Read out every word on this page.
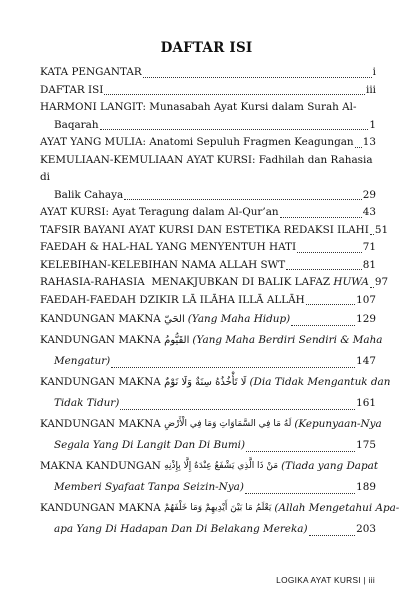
DAFTAR ISI
KATA PENGANTAR	i
DAFTAR ISI	iii
HARMONI LANGIT: Munasabah Ayat Kursi dalam Surah Al-
Baqarah	1
AYAT YANG MULIA: Anatomi Sepuluh Fragmen Keagungan 13
KEMULIAAN-KEMULIAAN AYAT KURSI: Fadhilah dan Rahasia di
Balik Cahaya	29
AYAT KURSI: Ayat Teragung dalam Al-Qur’an	43
TAFSIR BAYANI AYAT KURSI DAN ESTETIKA REDAKSI ILAHI 51
FAEDAH & HAL-HAL YANG MENYENTUH HATI	71
KELEBIHAN-KELEBIHAN NAMA ALLAH SWT	81
RAHASIA-RAHASIA  MENAKJUBKAN DI BALIK LAFAZ HUWA 97
FAEDAH-FAEDAH DZIKIR LĀ ILĀHA ILLĀ ALLĀH	107
KANDUNGAN MAKNA الحَيّ (Yang Maha Hidup)	129
KANDUNGAN MAKNA القَيُّومُ (Yang Maha Berdiri Sendiri & Maha
Mengatur)	147
KANDUNGAN MAKNA لَا تَأْخُذُهُ سِنَةٌ وَلَا نَوْمٌ (Dia Tidak Mengantuk dan
Tidak Tidur)	161
KANDUNGAN MAKNA لَهُ مَا فِي السَّمَاوَاتِ وَمَا فِي الْأَرْضِ (Kepunyaan-Nya
Segala Yang Di Langit Dan Di Bumi)	175
MAKNA KANDUNGAN مَنْ ذَا الَّذِي يَشْفَعُ عِنْدَهُ إِلَّا بِإِذْنِهِ (Tiada yang Dapat
Memberi Syafaat Tanpa Seizin-Nya)	189
KANDUNGAN MAKNA يَعْلَمُ مَا بَيْنَ أَيْدِيهِمْ وَمَا خَلْفَهُمْ (Allah Mengetahui Apa-
apa Yang Di Hadapan Dan Di Belakang Mereka)	203
LOGIKA AYAT KURSI | iii
